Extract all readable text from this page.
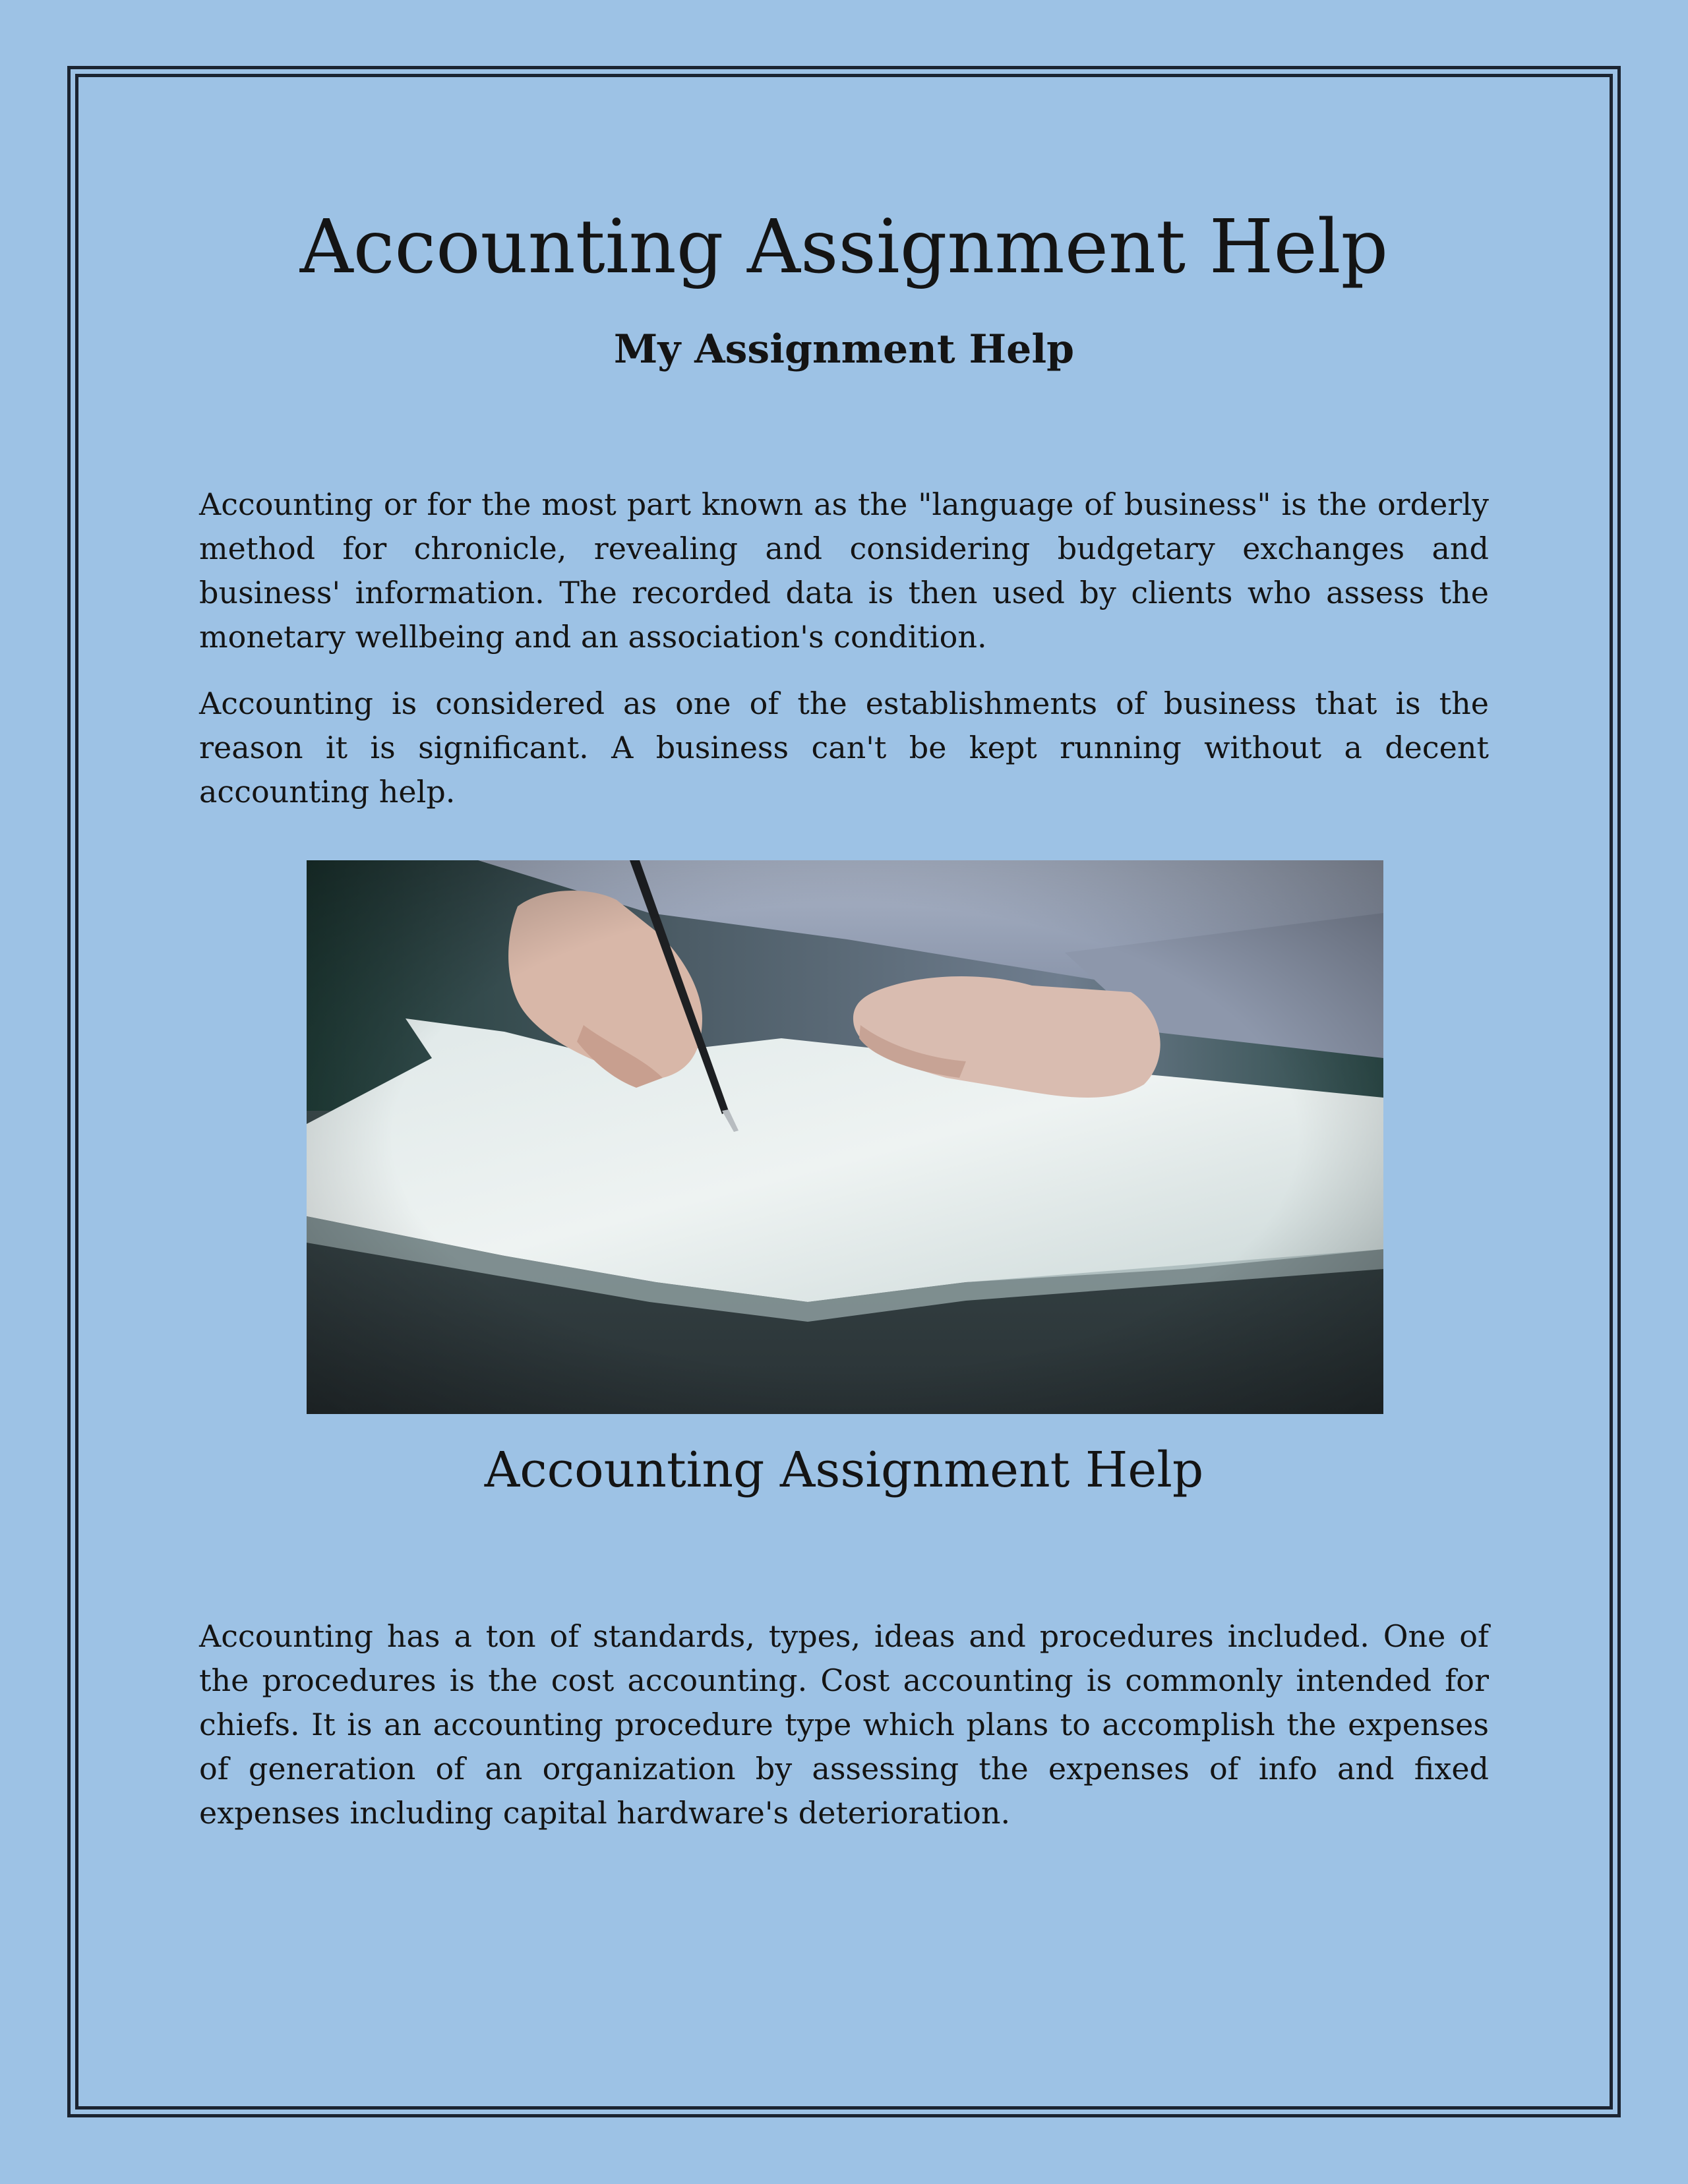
Accounting Assignment Help
My Assignment Help

Accounting or for the most part known as the "language of business" is the orderly method for chronicle, revealing and considering budgetary exchanges and business' information. The recorded data is then used by clients who assess the monetary wellbeing and an association's condition.

Accounting is considered as one of the establishments of business that is the reason it is significant. A business can't be kept running without a decent accounting help.

Accounting Assignment Help

Accounting has a ton of standards, types, ideas and procedures included. One of the procedures is the cost accounting. Cost accounting is commonly intended for chiefs. It is an accounting procedure type which plans to accomplish the expenses of generation of an organization by assessing the expenses of info and fixed expenses including capital hardware's deterioration.
